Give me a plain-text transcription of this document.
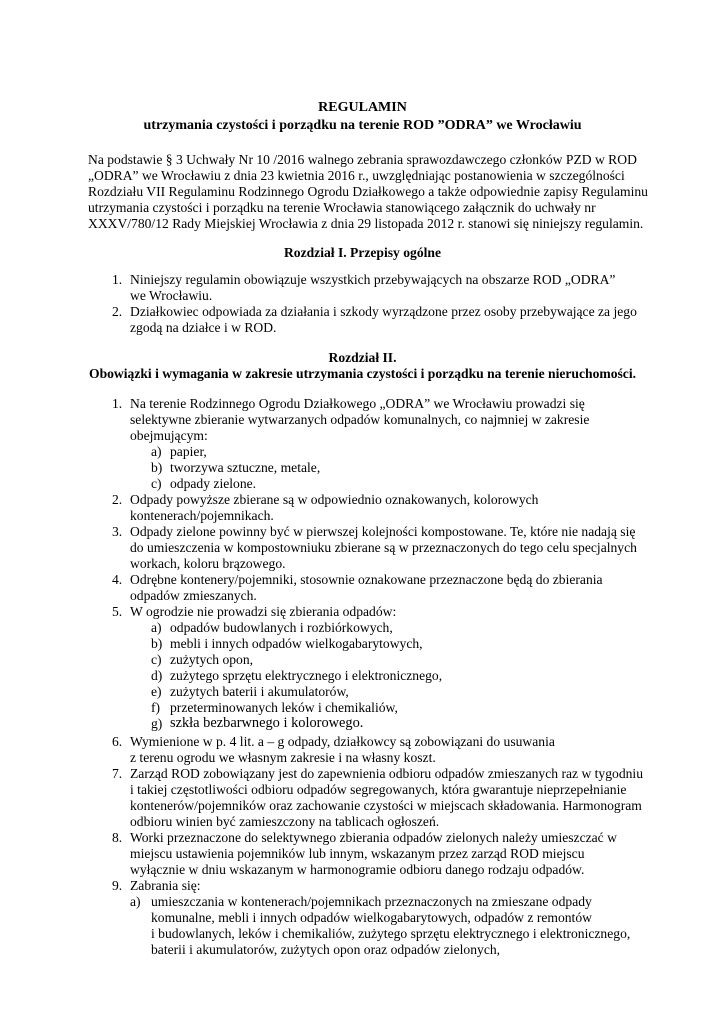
REGULAMIN
utrzymania czystości i porządku na terenie ROD ”ODRA” we Wrocławiu
Na podstawie § 3 Uchwały Nr 10 /2016 walnego zebrania sprawozdawczego członków PZD w ROD
„ODRA” we Wrocławiu z dnia 23 kwietnia 2016 r., uwzględniając postanowienia w szczególności
Rozdziału VII Regulaminu Rodzinnego Ogrodu Działkowego a także odpowiednie zapisy Regulaminu
utrzymania czystości i porządku na terenie Wrocławia stanowiącego załącznik do uchwały nr
XXXV/780/12 Rady Miejskiej Wrocławia z dnia 29 listopada 2012 r. stanowi się niniejszy regulamin.
Rozdział I. Przepisy ogólne
1. Niniejszy regulamin obowiązuje wszystkich przebywających na obszarze ROD „ODRA”
we Wrocławiu.
2. Działkowiec odpowiada za działania i szkody wyrządzone przez osoby przebywające za jego
zgodą na działce i w ROD.
Rozdział II.
Obowiązki i wymagania w zakresie utrzymania czystości i porządku na terenie nieruchomości.
1. Na terenie Rodzinnego Ogrodu Działkowego „ODRA” we Wrocławiu prowadzi się
selektywne zbieranie wytwarzanych odpadów komunalnych, co najmniej w zakresie
obejmującym:
a) papier,
b) tworzywa sztuczne, metale,
c) odpady zielone.
2. Odpady powyższe zbierane są w odpowiednio oznakowanych, kolorowych
kontenerach/pojemnikach.
3. Odpady zielone powinny być w pierwszej kolejności kompostowane. Te, które nie nadają się
do umieszczenia w kompostowniuku zbierane są w przeznaczonych do tego celu specjalnych
workach, koloru brązowego.
4. Odrębne kontenery/pojemniki, stosownie oznakowane przeznaczone będą do zbierania
odpadów zmieszanych.
5. W ogrodzie nie prowadzi się zbierania odpadów:
a) odpadów budowlanych i rozbiórkowych,
b) mebli i innych odpadów wielkogabarytowych,
c) zużytych opon,
d) zużytego sprzętu elektrycznego i elektronicznego,
e) zużytych baterii i akumulatorów,
f) przeterminowanych leków i chemikaliów,
g) szkła bezbarwnego i kolorowego.
6. Wymienione w p. 4 lit. a – g odpady, działkowcy są zobowiązani do usuwania
z terenu ogrodu we własnym zakresie i na własny koszt.
7. Zarząd ROD zobowiązany jest do zapewnienia odbioru odpadów zmieszanych raz w tygodniu
i takiej częstotliwości odbioru odpadów segregowanych, która gwarantuje nieprzepełnianie
kontenerów/pojemników oraz zachowanie czystości w miejscach składowania. Harmonogram
odbioru winien być zamieszczony na tablicach ogłoszeń.
8. Worki przeznaczone do selektywnego zbierania odpadów zielonych należy umieszczać w
miejscu ustawienia pojemników lub innym, wskazanym przez zarząd ROD miejscu
wyłącznie w dniu wskazanym w harmonogramie odbioru danego rodzaju odpadów.
9. Zabrania się:
a) umieszczania w kontenerach/pojemnikach przeznaczonych na zmieszane odpady
komunalne, mebli i innych odpadów wielkogabarytowych, odpadów z remontów
i budowlanych, leków i chemikaliów, zużytego sprzętu elektrycznego i elektronicznego,
baterii i akumulatorów, zużytych opon oraz odpadów zielonych,
